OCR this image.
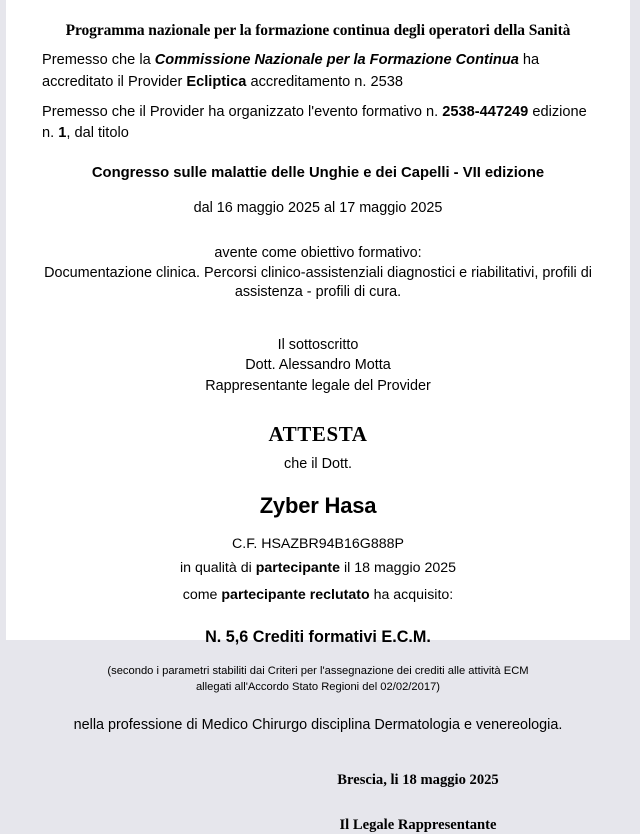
Programma nazionale per la formazione continua degli operatori della Sanità
Premesso che la Commissione Nazionale per la Formazione Continua ha accreditato il Provider Ecliptica accreditamento n. 2538
Premesso che il Provider ha organizzato l'evento formativo n. 2538-447249 edizione n. 1, dal titolo
Congresso sulle malattie delle Unghie e dei Capelli - VII edizione
dal 16 maggio 2025 al 17 maggio 2025
avente come obiettivo formativo:
Documentazione clinica. Percorsi clinico-assistenziali diagnostici e riabilitativi, profili di assistenza - profili di cura.
Il sottoscritto
Dott. Alessandro Motta
Rappresentante legale del Provider
ATTESTA
che il Dott.
Zyber Hasa
C.F. HSAZBR94B16G888P
in qualità di partecipante il 18 maggio 2025
come partecipante reclutato ha acquisito:
N. 5,6 Crediti formativi E.C.M.
(secondo i parametri stabiliti dai Criteri per l'assegnazione dei crediti alle attività ECM
allegati all'Accordo Stato Regioni del 02/02/2017)
nella professione di Medico Chirurgo disciplina Dermatologia e venereologia.
Brescia, li 18 maggio 2025
Il Legale Rappresentante
